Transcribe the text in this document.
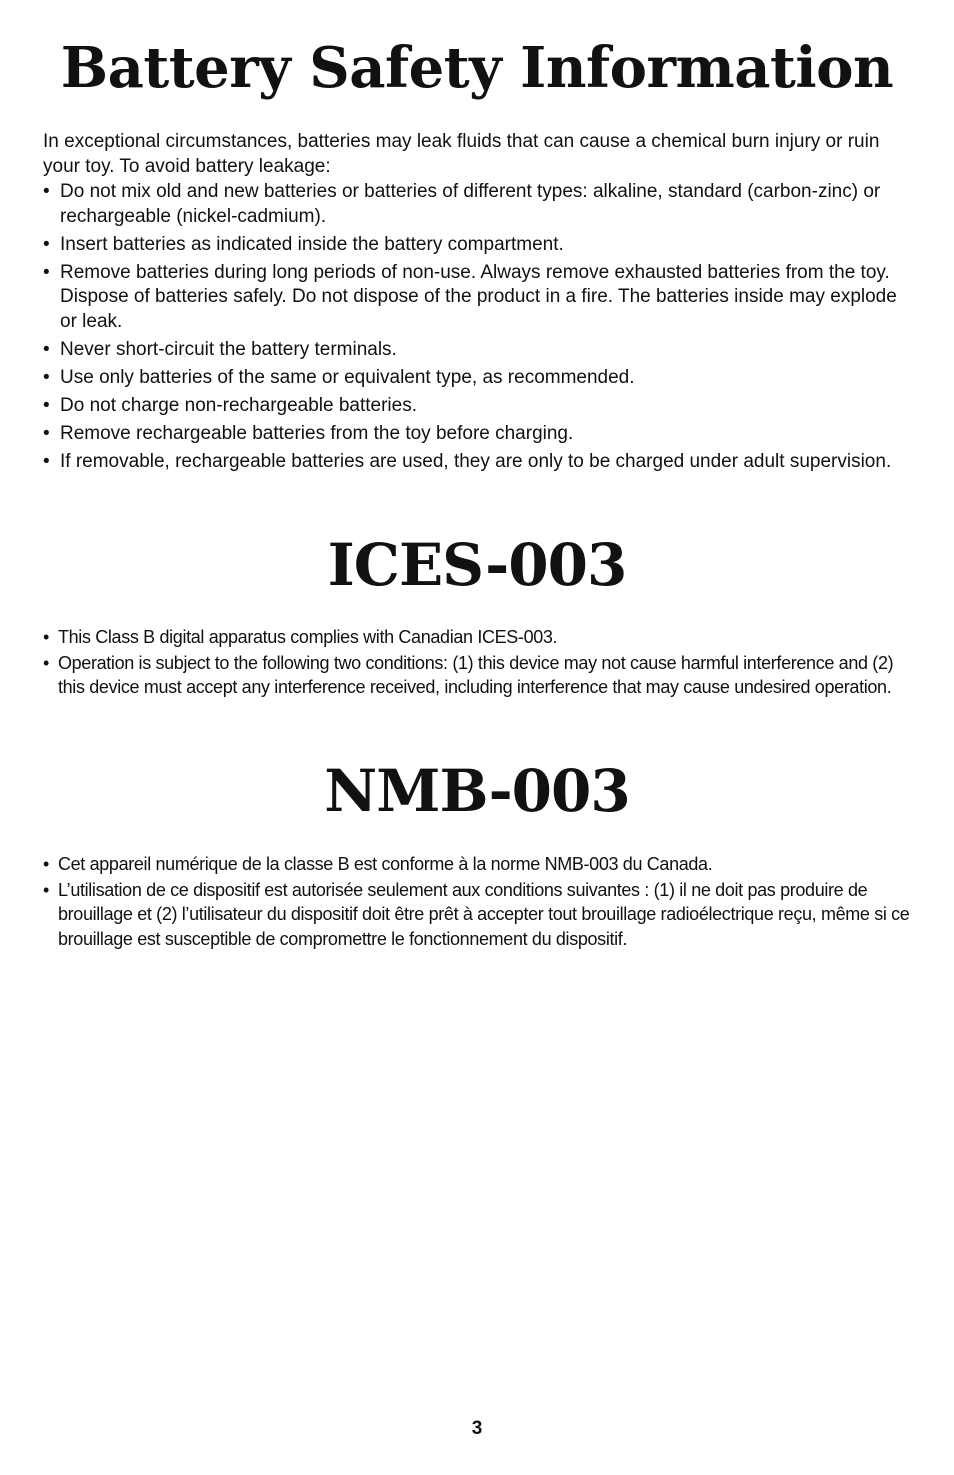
Battery Safety Information

In exceptional circumstances, batteries may leak fluids that can cause a chemical burn injury or ruin your toy. To avoid battery leakage:

• Do not mix old and new batteries or batteries of different types: alkaline, standard (carbon-zinc) or rechargeable (nickel-cadmium).
• Insert batteries as indicated inside the battery compartment.
• Remove batteries during long periods of non-use. Always remove exhausted batteries from the toy. Dispose of batteries safely. Do not dispose of the product in a fire. The batteries inside may explode or leak.
• Never short-circuit the battery terminals.
• Use only batteries of the same or equivalent type, as recommended.
• Do not charge non-rechargeable batteries.
• Remove rechargeable batteries from the toy before charging.
• If removable, rechargeable batteries are used, they are only to be charged under adult supervision.
ICES-003
• This Class B digital apparatus complies with Canadian ICES-003.
• Operation is subject to the following two conditions: (1) this device may not cause harmful interference and (2) this device must accept any interference received, including interference that may cause undesired operation.
NMB-003
• Cet appareil numérique de la classe B est conforme à la norme NMB-003 du Canada.
• L’utilisation de ce dispositif est autorisée seulement aux conditions suivantes : (1) il ne doit pas produire de brouillage et (2) l’utilisateur du dispositif doit être prêt à accepter tout brouillage radioélectrique reçu, même si ce brouillage est susceptible de compromettre le fonctionnement du dispositif.
3
